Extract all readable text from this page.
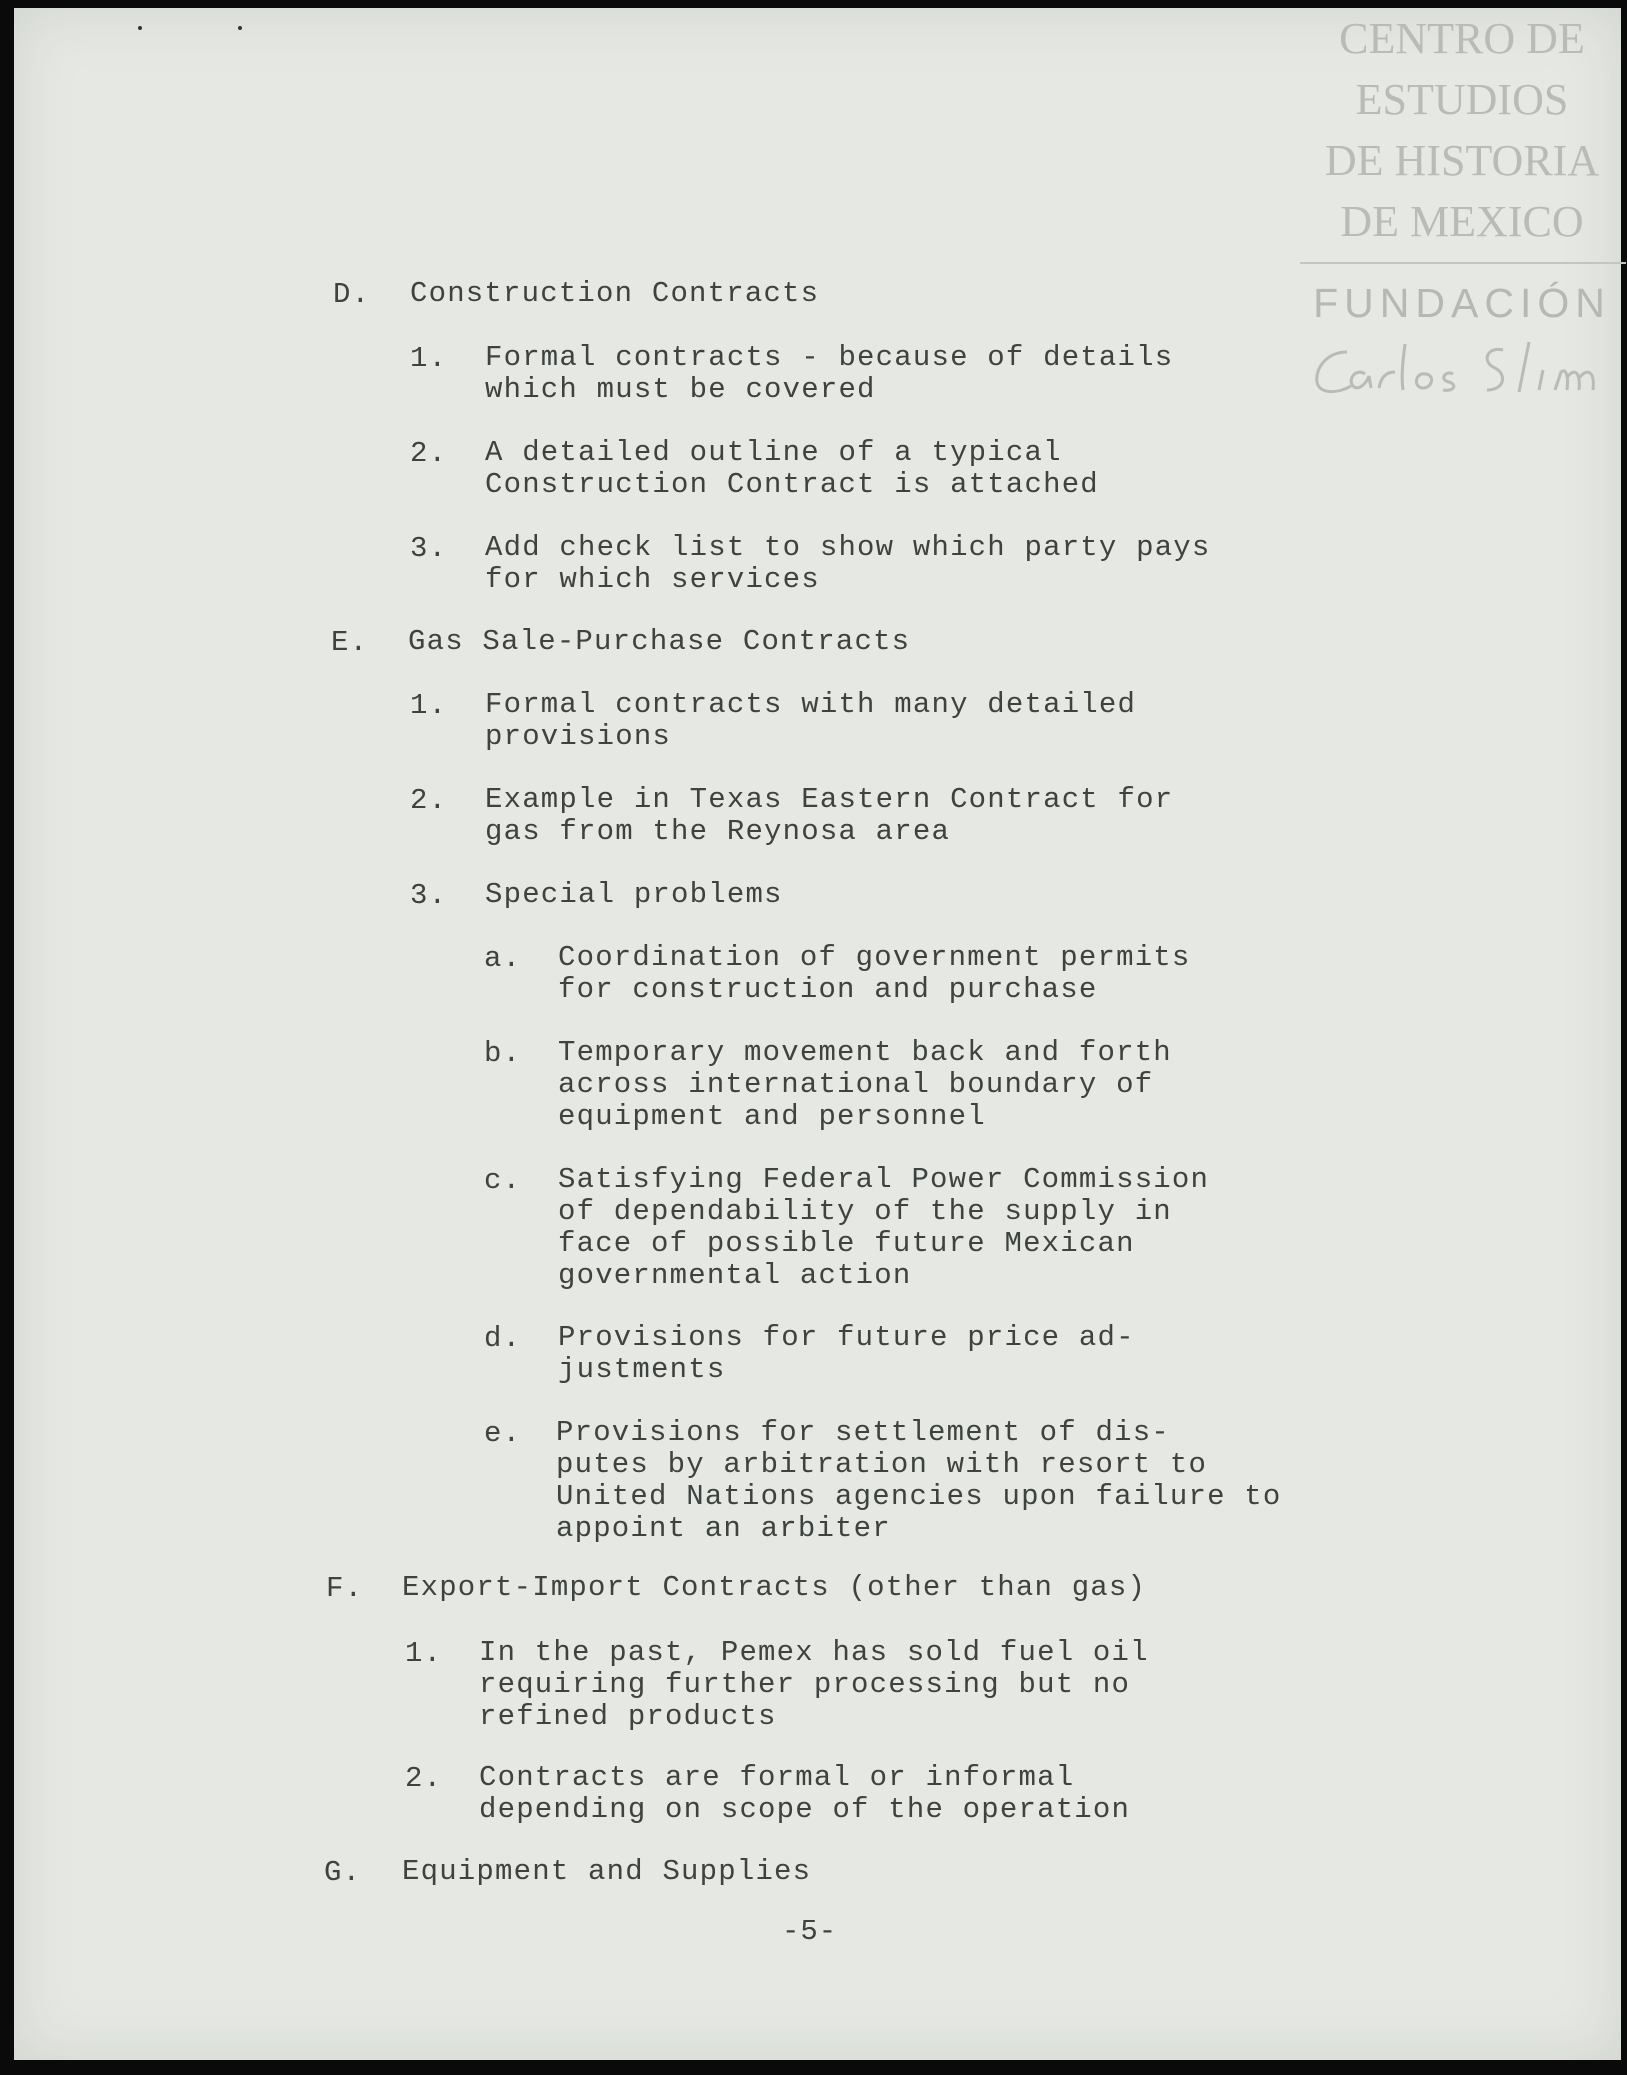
CENTRO DE
ESTUDIOS
DE HISTORIA
DE MEXICO
FUNDACIÓN
D. Construction Contracts
1. Formal contracts - because of details
which must be covered
2. A detailed outline of a typical
Construction Contract is attached
3. Add check list to show which party pays
for which services
E. Gas Sale-Purchase Contracts
1. Formal contracts with many detailed
provisions
2. Example in Texas Eastern Contract for
gas from the Reynosa area
3. Special problems
a. Coordination of government permits
for construction and purchase
b. Temporary movement back and forth
across international boundary of
equipment and personnel
c. Satisfying Federal Power Commission
of dependability of the supply in
face of possible future Mexican
governmental action
d. Provisions for future price ad-
justments
e. Provisions for settlement of dis-
putes by arbitration with resort to
United Nations agencies upon failure to
appoint an arbiter
F. Export-Import Contracts (other than gas)
1. In the past, Pemex has sold fuel oil
requiring further processing but no
refined products
2. Contracts are formal or informal
depending on scope of the operation
G. Equipment and Supplies
-5-
